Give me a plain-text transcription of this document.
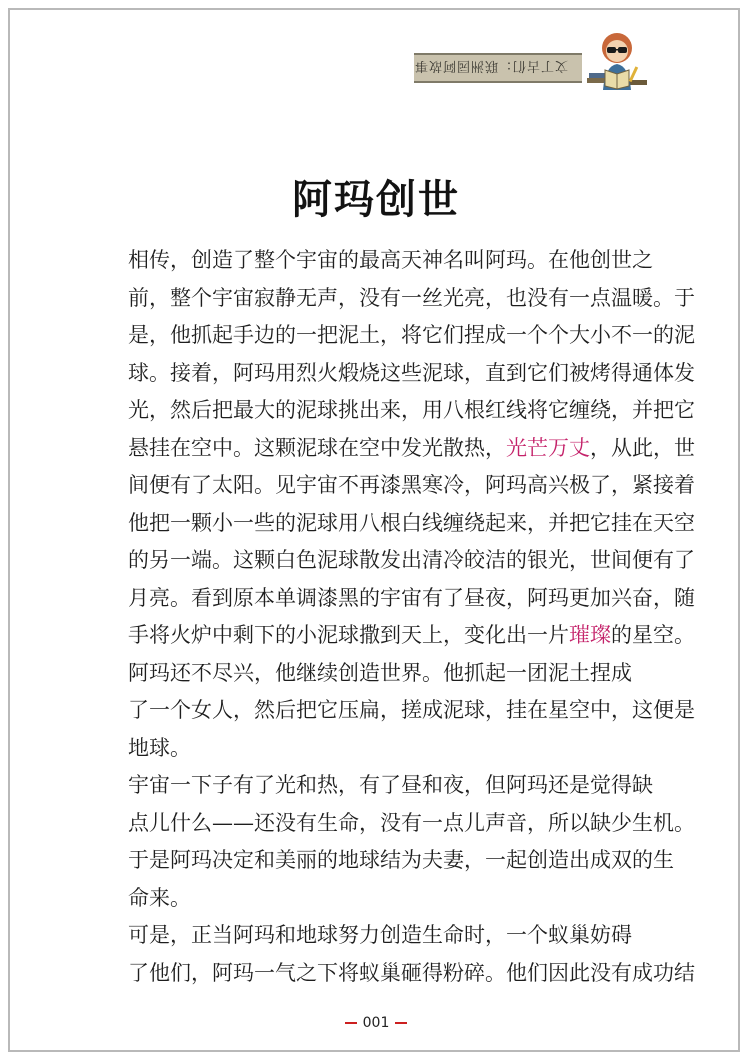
文丁古们：联洲园阿故事
阿玛创世

相传，创造了整个宇宙的最高天神名叫阿玛。在他创世之
前，整个宇宙寂静无声，没有一丝光亮，也没有一点温暖。于
是，他抓起手边的一把泥土，将它们捏成一个个大小不一的泥
球。接着，阿玛用烈火煅烧这些泥球，直到它们被烤得通体发
光，然后把最大的泥球挑出来，用八根红线将它缠绕，并把它
悬挂在空中。这颗泥球在空中发光散热，光芒万丈，从此，世
间便有了太阳。见宇宙不再漆黑寒冷，阿玛高兴极了，紧接着
他把一颗小一些的泥球用八根白线缠绕起来，并把它挂在天空
的另一端。这颗白色泥球散发出清冷皎洁的银光，世间便有了
月亮。看到原本单调漆黑的宇宙有了昼夜，阿玛更加兴奋，随
手将火炉中剩下的小泥球撒到天上，变化出一片璀璨的星空。

阿玛还不尽兴，他继续创造世界。他抓起一团泥土捏成
了一个女人，然后把它压扁，搓成泥球，挂在星空中，这便是
地球。

宇宙一下子有了光和热，有了昼和夜，但阿玛还是觉得缺
点儿什么——还没有生命，没有一点儿声音，所以缺少生机。
于是阿玛决定和美丽的地球结为夫妻，一起创造出成双的生
命来。

可是，正当阿玛和地球努力创造生命时，一个蚁巢妨碍
了他们，阿玛一气之下将蚁巢砸得粉碎。他们因此没有成功结

001
